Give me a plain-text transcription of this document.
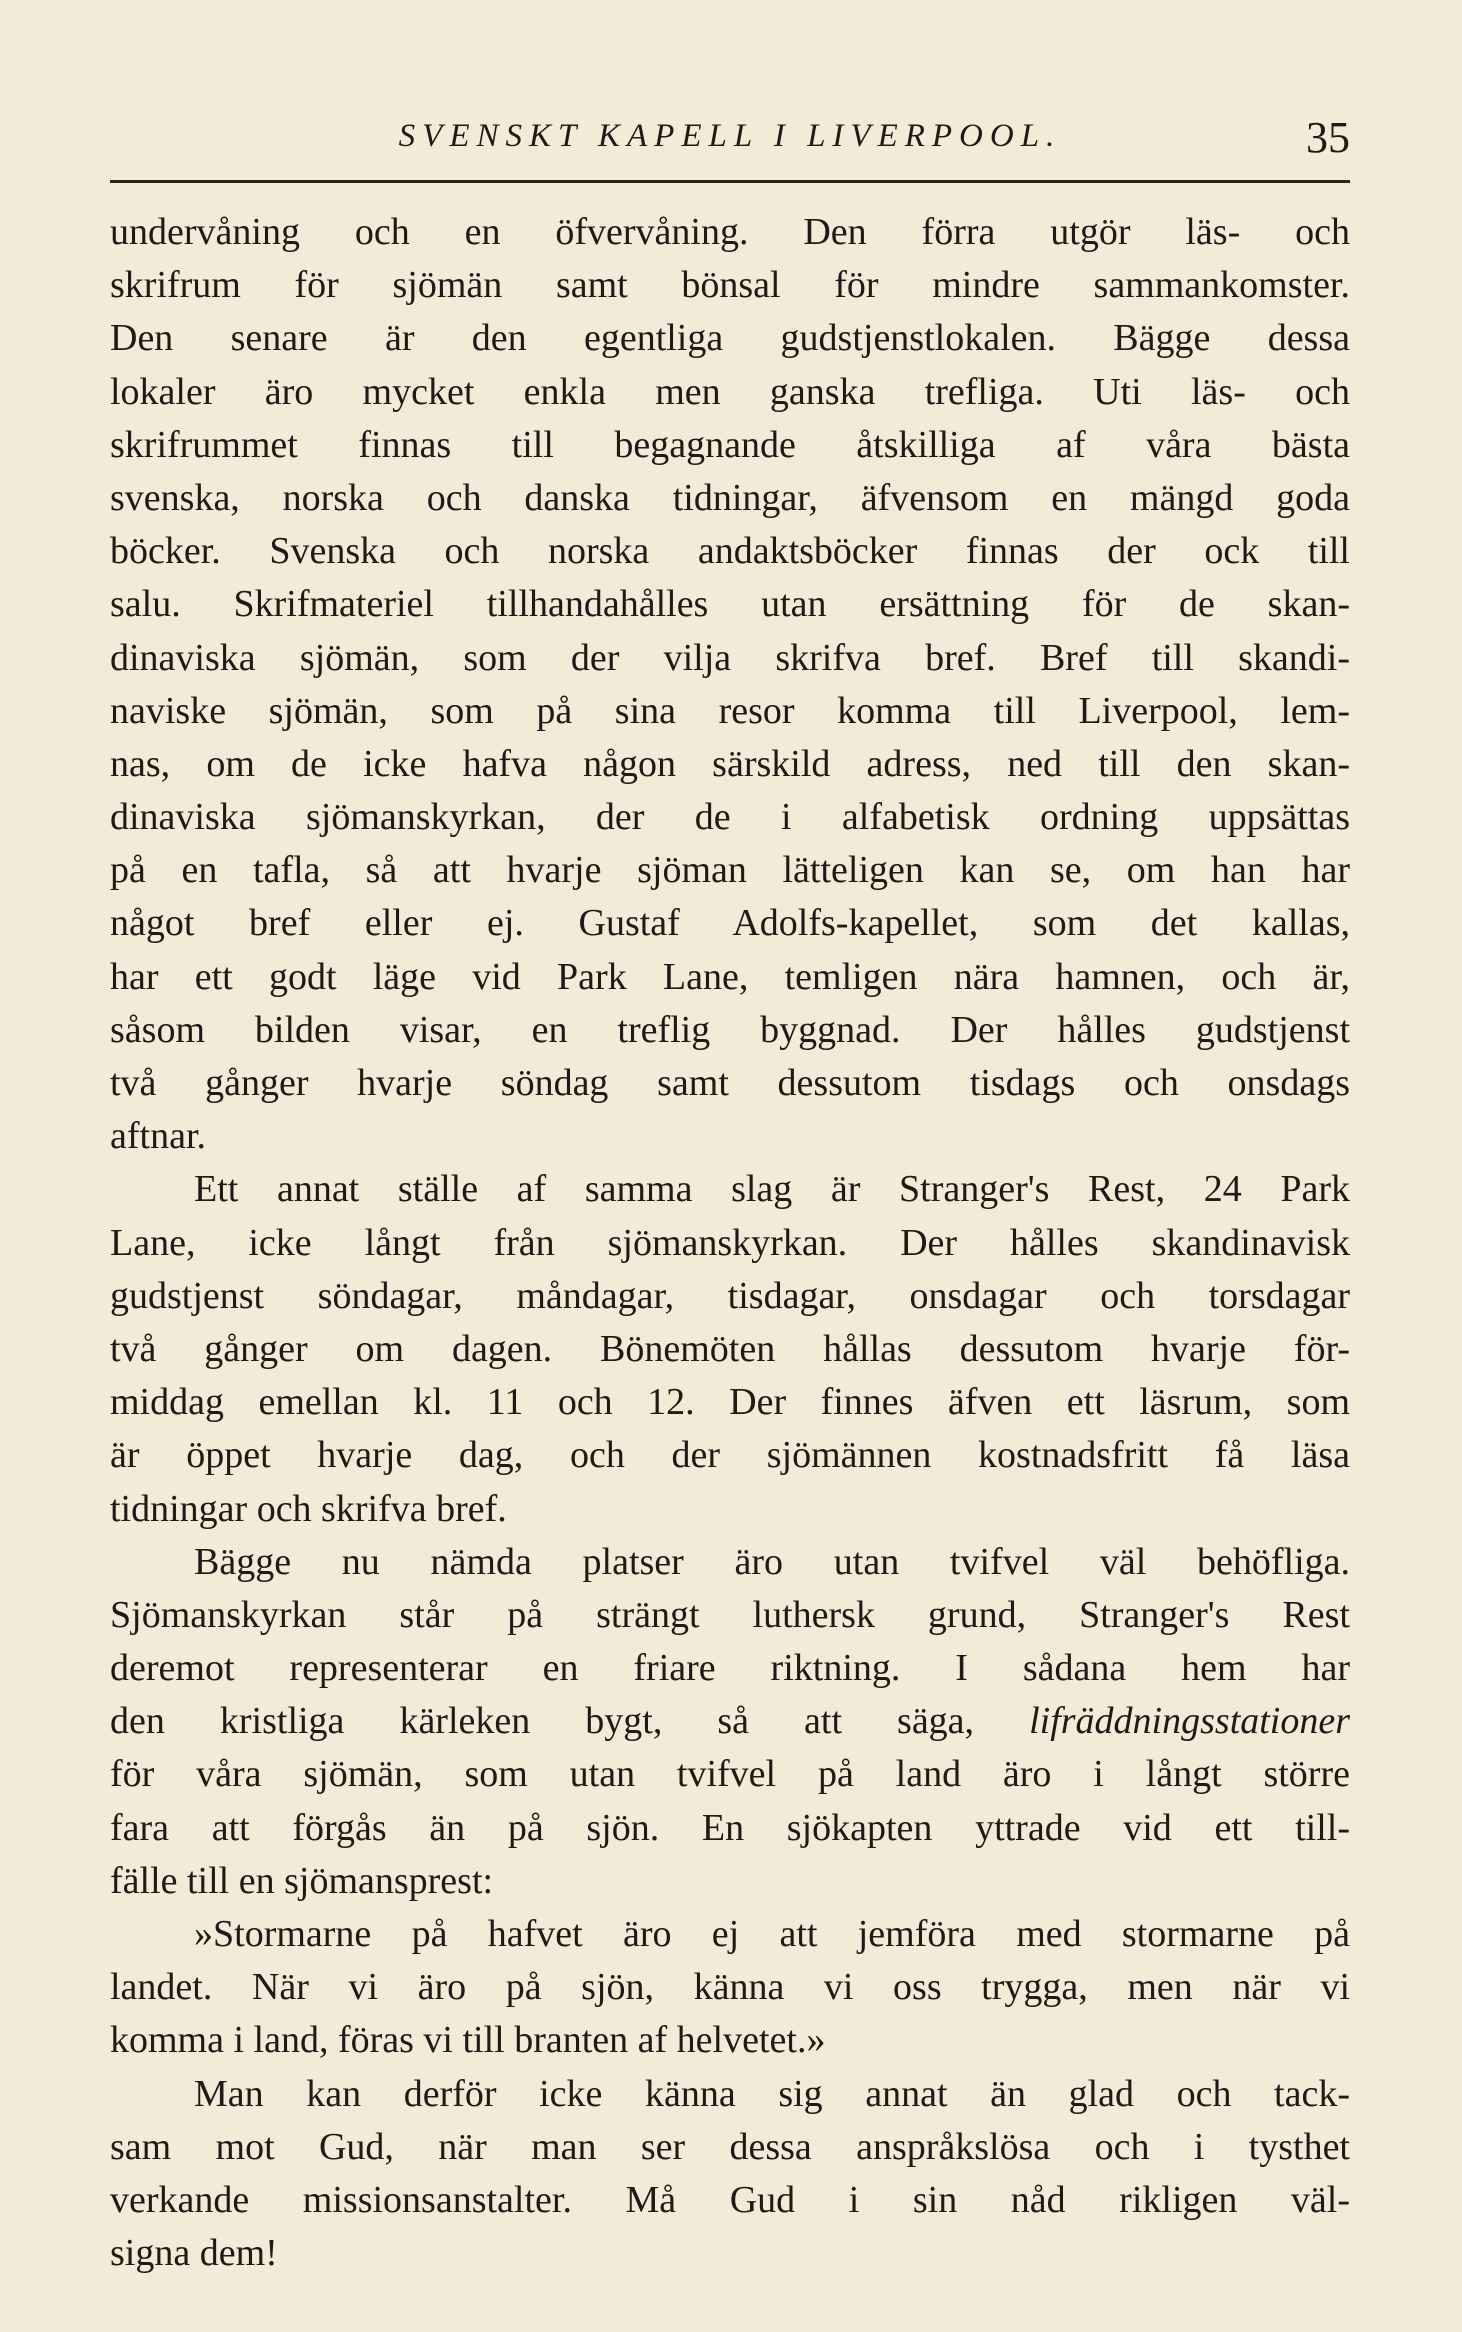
SVENSKT KAPELL I LIVERPOOL.	35
undervåning och en öfvervåning. Den förra utgör läs- och
skrifrum för sjömän samt bönsal för mindre sammankomster.
Den senare är den egentliga gudstjenstlokalen. Bägge dessa
lokaler äro mycket enkla men ganska trefliga. Uti läs- och
skrifrummet finnas till begagnande åtskilliga af våra bästa
svenska, norska och danska tidningar, äfvensom en mängd goda
böcker. Svenska och norska andaktsböcker finnas der ock till
salu. Skrifmateriel tillhandahålles utan ersättning för de skan-
dinaviska sjömän, som der vilja skrifva bref. Bref till skandi-
naviske sjömän, som på sina resor komma till Liverpool, lem-
nas, om de icke hafva någon särskild adress, ned till den skan-
dinaviska sjömanskyrkan, der de i alfabetisk ordning uppsättas
på en tafla, så att hvarje sjöman lätteligen kan se, om han har
något bref eller ej. Gustaf Adolfs-kapellet, som det kallas,
har ett godt läge vid Park Lane, temligen nära hamnen, och är,
såsom bilden visar, en treflig byggnad. Der hålles gudstjenst
två gånger hvarje söndag samt dessutom tisdags och onsdags
aftnar.
Ett annat ställe af samma slag är Stranger's Rest, 24 Park
Lane, icke långt från sjömanskyrkan. Der hålles skandinavisk
gudstjenst söndagar, måndagar, tisdagar, onsdagar och torsdagar
två gånger om dagen. Bönemöten hållas dessutom hvarje för-
middag emellan kl. 11 och 12. Der finnes äfven ett läsrum, som
är öppet hvarje dag, och der sjömännen kostnadsfritt få läsa
tidningar och skrifva bref.
Bägge nu nämda platser äro utan tvifvel väl behöfliga.
Sjömanskyrkan står på strängt luthersk grund, Stranger's Rest
deremot representerar en friare riktning. I sådana hem har
den kristliga kärleken bygt, så att säga, lifräddningsstationer
för våra sjömän, som utan tvifvel på land äro i långt större
fara att förgås än på sjön. En sjökapten yttrade vid ett till-
fälle till en sjömansprest:
»Stormarne på hafvet äro ej att jemföra med stormarne på
landet. När vi äro på sjön, känna vi oss trygga, men när vi
komma i land, föras vi till branten af helvetet.»
Man kan derför icke känna sig annat än glad och tack-
sam mot Gud, när man ser dessa anspråkslösa och i tysthet
verkande missionsanstalter. Må Gud i sin nåd rikligen väl-
signa dem!
